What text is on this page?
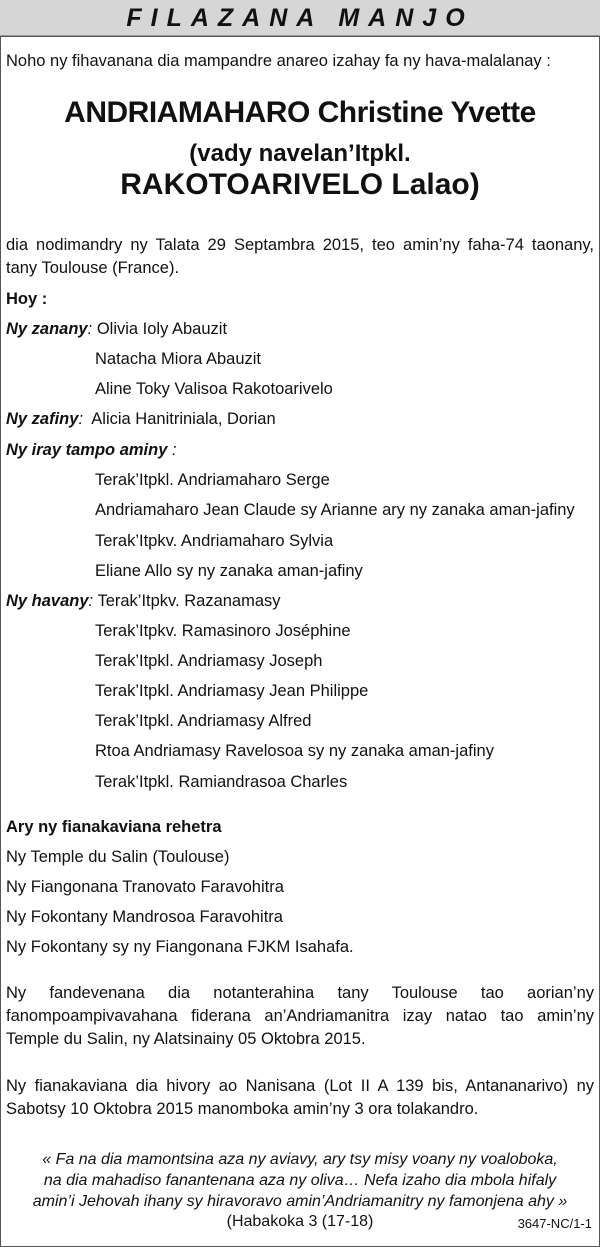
FILAZANA MANJO
Noho ny fihavanana dia mampandre anareo izahay fa ny hava-malalanay :
ANDRIAMAHARO Christine Yvette
(vady navelan’Itpkl.
RAKOTOARIVELO Lalao)
dia nodimandry ny Talata 29 Septambra 2015, teo amin’ny faha-74 taonany, tany Toulouse (France).
Hoy :
Ny zanany: Olivia Ioly Abauzit
Natacha Miora Abauzit
Aline Toky Valisoa Rakotoarivelo
Ny zafiny: Alicia Hanitriniala, Dorian
Ny iray tampo aminy :
Terak’Itpkl. Andriamaharo Serge
Andriamaharo Jean Claude sy Arianne ary ny zanaka aman-jafiny
Terak’Itpkv. Andriamaharo Sylvia
Eliane Allo sy ny zanaka aman-jafiny
Ny havany: Terak’Itpkv. Razanamasy
Terak’Itpkv. Ramasinoro Joséphine
Terak’Itpkl. Andriamasy Joseph
Terak’Itpkl. Andriamasy Jean Philippe
Terak’Itpkl. Andriamasy Alfred
Rtoa Andriamasy Ravelosoa sy ny zanaka aman-jafiny
Terak’Itpkl. Ramiandrasoa Charles
Ary ny fianakaviana rehetra
Ny Temple du Salin (Toulouse)
Ny Fiangonana Tranovato Faravohitra
Ny Fokontany Mandrosoa Faravohitra
Ny Fokontany sy ny Fiangonana FJKM Isahafa.
Ny fandevenana dia notanterahina tany Toulouse tao aorian’ny fanompoampivavahana fiderana an’Andriamanitra izay natao tao amin’ny Temple du Salin, ny Alatsinainy 05 Oktobra 2015.
Ny fianakaviana dia hivory ao Nanisana (Lot II A 139 bis, Antananarivo) ny Sabotsy 10 Oktobra 2015 manomboka amin’ny 3 ora tolakandro.
« Fa na dia mamontsina aza ny aviavy, ary tsy misy voany ny voaloboka,
na dia mahadiso fanantenana aza ny oliva… Nefa izaho dia mbola hifaly
amin’i Jehovah ihany sy hiravoravo amin’Andriamanitry ny famonjena ahy »
(Habakoka 3 (17-18)	3647-NC/1-1
